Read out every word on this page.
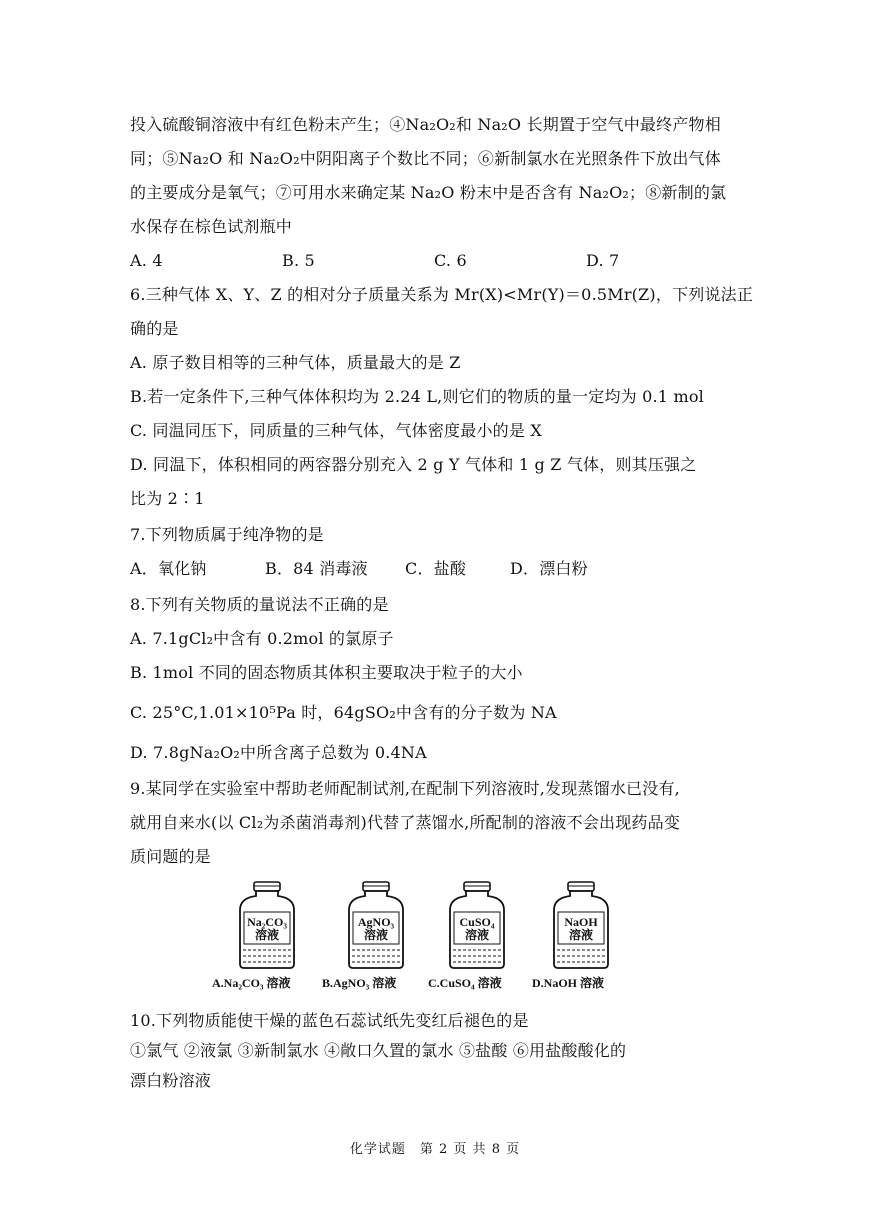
投入硫酸铜溶液中有红色粉末产生；④Na₂O₂和 Na₂O 长期置于空气中最终产物相
同；⑤Na₂O 和 Na₂O₂中阴阳离子个数比不同；⑥新制氯水在光照条件下放出气体
的主要成分是氧气；⑦可用水来确定某 Na₂O 粉末中是否含有 Na₂O₂；⑧新制的氯
水保存在棕色试剂瓶中
A. 4	B. 5	C. 6	D. 7
6.三种气体 X、Y、Z 的相对分子质量关系为 Mr(X)<Mr(Y)＝0.5Mr(Z)，下列说法正
确的是
A. 原子数目相等的三种气体，质量最大的是 Z
B.若一定条件下,三种气体体积均为 2.24 L,则它们的物质的量一定均为 0.1 mol
C. 同温同压下，同质量的三种气体，气体密度最小的是 X
D. 同温下，体积相同的两容器分别充入 2 g Y 气体和 1 g Z 气体，则其压强之
比为 2∶1
7.下列物质属于纯净物的是
A．氧化钠	B．84 消毒液	C．盐酸	D．漂白粉
8.下列有关物质的量说法不正确的是
A. 7.1gCl₂中含有 0.2mol 的氯原子
B. 1mol 不同的固态物质其体积主要取决于粒子的大小
C. 25°C,1.01×10⁵Pa 时，64gSO₂中含有的分子数为 NA
D. 7.8gNa₂O₂中所含离子总数为 0.4NA
9.某同学在实验室中帮助老师配制试剂,在配制下列溶液时,发现蒸馏水已没有,
就用自来水(以 Cl₂为杀菌消毒剂)代替了蒸馏水,所配制的溶液不会出现药品变
质问题的是
Na₂CO₃
溶液
AgNO₃
溶液
CuSO₄
溶液
NaOH
溶液
A.Na₂CO₃ 溶液	B.AgNO₃ 溶液	C.CuSO₄ 溶液	D.NaOH 溶液
10.下列物质能使干燥的蓝色石蕊试纸先变红后褪色的是
①氯气 ②液氯 ③新制氯水 ④敞口久置的氯水 ⑤盐酸 ⑥用盐酸酸化的
漂白粉溶液
化学试题　第 2 页 共 8 页
